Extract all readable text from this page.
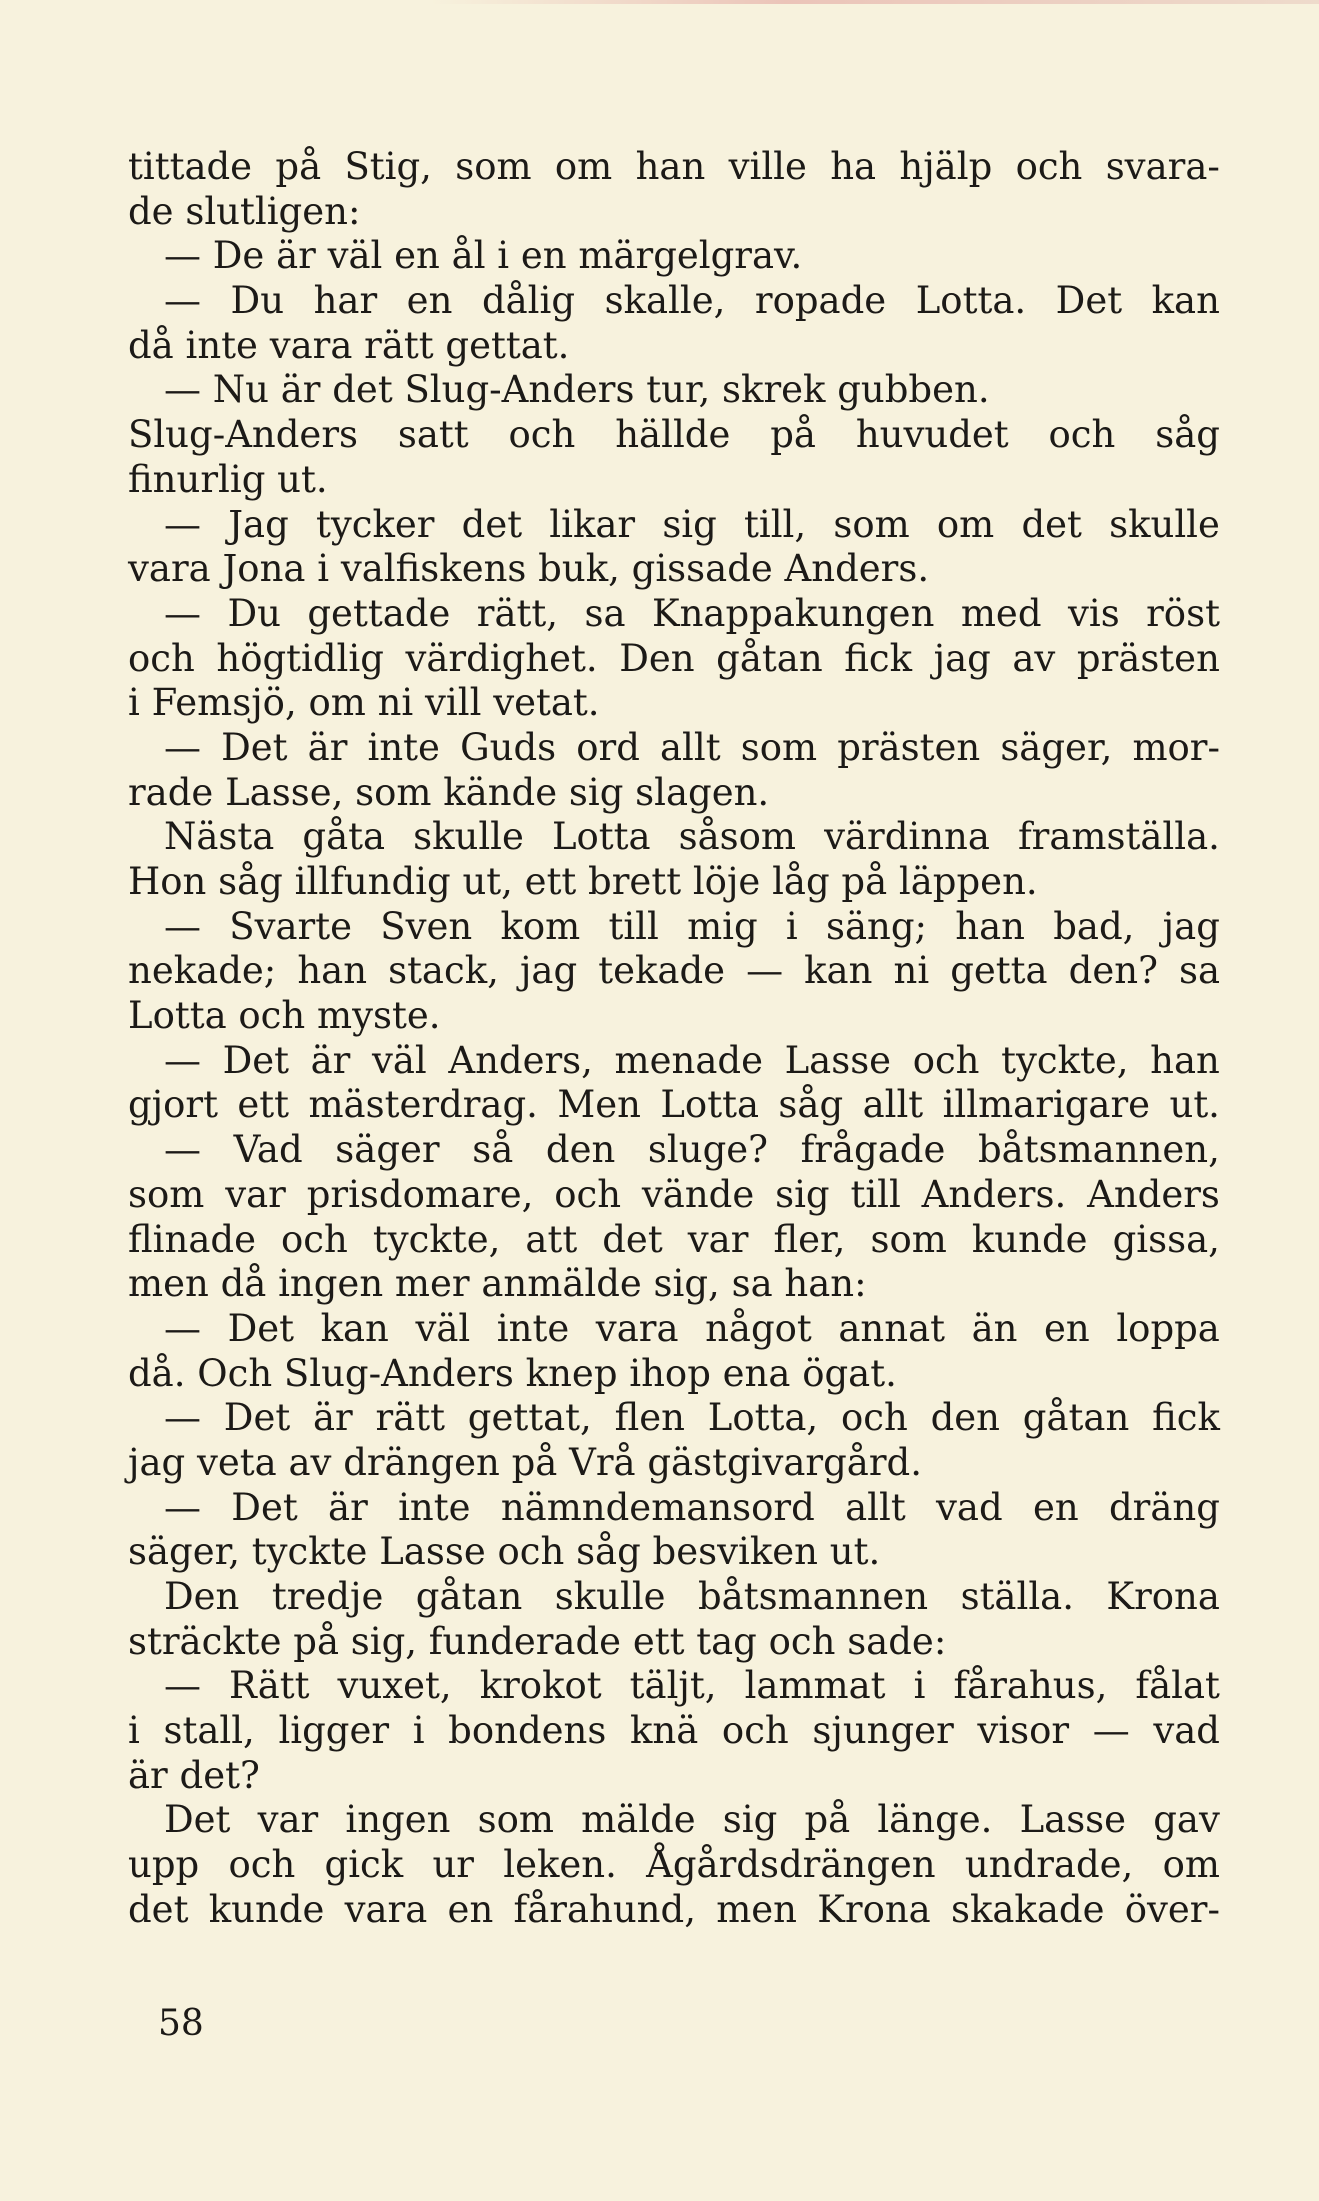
tittade på Stig, som om han ville ha hjälp och svara-
de slutligen:
— De är väl en ål i en märgelgrav.
— Du har en dålig skalle, ropade Lotta. Det kan
då inte vara rätt gettat.
— Nu är det Slug-Anders tur, skrek gubben.
Slug-Anders satt och hällde på huvudet och såg
finurlig ut.
— Jag tycker det likar sig till, som om det skulle
vara Jona i valfiskens buk, gissade Anders.
— Du gettade rätt, sa Knappakungen med vis röst
och högtidlig värdighet. Den gåtan fick jag av prästen
i Femsjö, om ni vill vetat.
— Det är inte Guds ord allt som prästen säger, mor-
rade Lasse, som kände sig slagen.
Nästa gåta skulle Lotta såsom värdinna framställa.
Hon såg illfundig ut, ett brett löje låg på läppen.
— Svarte Sven kom till mig i säng; han bad, jag
nekade; han stack, jag tekade — kan ni getta den? sa
Lotta och myste.
— Det är väl Anders, menade Lasse och tyckte, han
gjort ett mästerdrag. Men Lotta såg allt illmarigare ut.
— Vad säger så den sluge? frågade båtsmannen,
som var prisdomare, och vände sig till Anders. Anders
flinade och tyckte, att det var fler, som kunde gissa,
men då ingen mer anmälde sig, sa han:
— Det kan väl inte vara något annat än en loppa
då. Och Slug-Anders knep ihop ena ögat.
— Det är rätt gettat, flen Lotta, och den gåtan fick
jag veta av drängen på Vrå gästgivargård.
— Det är inte nämndemansord allt vad en dräng
säger, tyckte Lasse och såg besviken ut.
Den tredje gåtan skulle båtsmannen ställa. Krona
sträckte på sig, funderade ett tag och sade:
— Rätt vuxet, krokot täljt, lammat i fårahus, fålat
i stall, ligger i bondens knä och sjunger visor — vad
är det?
Det var ingen som mälde sig på länge. Lasse gav
upp och gick ur leken. Ågårdsdrängen undrade, om
det kunde vara en fårahund, men Krona skakade över-
58
